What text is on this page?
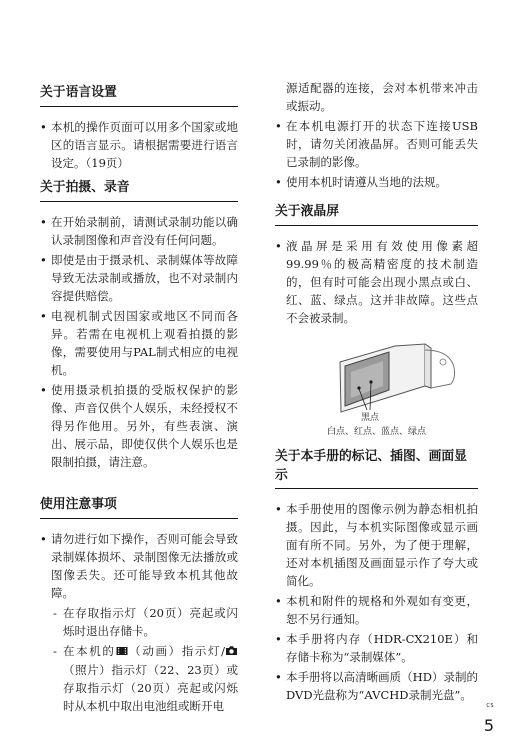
关于语言设置
• 本机的操作页面可以用多个国家或地区的语言显示。请根据需要进行语言设定。（19页）
关于拍摄、录音
• 在开始录制前，请测试录制功能以确认录制图像和声音没有任何问题。
• 即使是由于摄录机、录制媒体等故障导致无法录制或播放，也不对录制内容提供赔偿。
• 电视机制式因国家或地区不同而各异。若需在电视机上观看拍摄的影像，需要使用与PAL制式相应的电视机。
• 使用摄录机拍摄的受版权保护的影像、声音仅供个人娱乐，未经授权不得另作他用。另外，有些表演、演出、展示品，即使仅供个人娱乐也是限制拍摄，请注意。
使用注意事项
• 请勿进行如下操作，否则可能会导致录制媒体损坏、录制图像无法播放或图像丢失。还可能导致本机其他故障。
- 在存取指示灯（20页）亮起或闪烁时退出存储卡。
- 在本机的 （动画）指示灯/（照片）指示灯（22、23页）或存取指示灯（20页）亮起或闪烁时从本机中取出电池组或断开电

源适配器的连接，会对本机带来冲击或振动。

• 在本机电源打开的状态下连接USB时，请勿关闭液晶屏。否则可能丢失已录制的影像。
• 使用本机时请遵从当地的法规。
关于液晶屏
• 液晶屏是采用有效使用像素超99.99％的极高精密度的技术制造的，但有时可能会出现小黑点或白、红、蓝、绿点。这并非故障。这些点不会被录制。
黑点
白点、红点、蓝点、绿点
关于本手册的标记、插图、画面显示
• 本手册使用的图像示例为静态相机拍摄。因此，与本机实际图像或显示画面有所不同。另外，为了便于理解，还对本机插图及画面显示作了夸大或简化。
• 本机和附件的规格和外观如有变更，恕不另行通知。
• 本手册将内存（HDR-CX210E）和存储卡称为“录制媒体”。
• 本手册将以高清晰画质（HD）录制的DVD光盘称为“AVCHD录制光盘”。
CS
5
